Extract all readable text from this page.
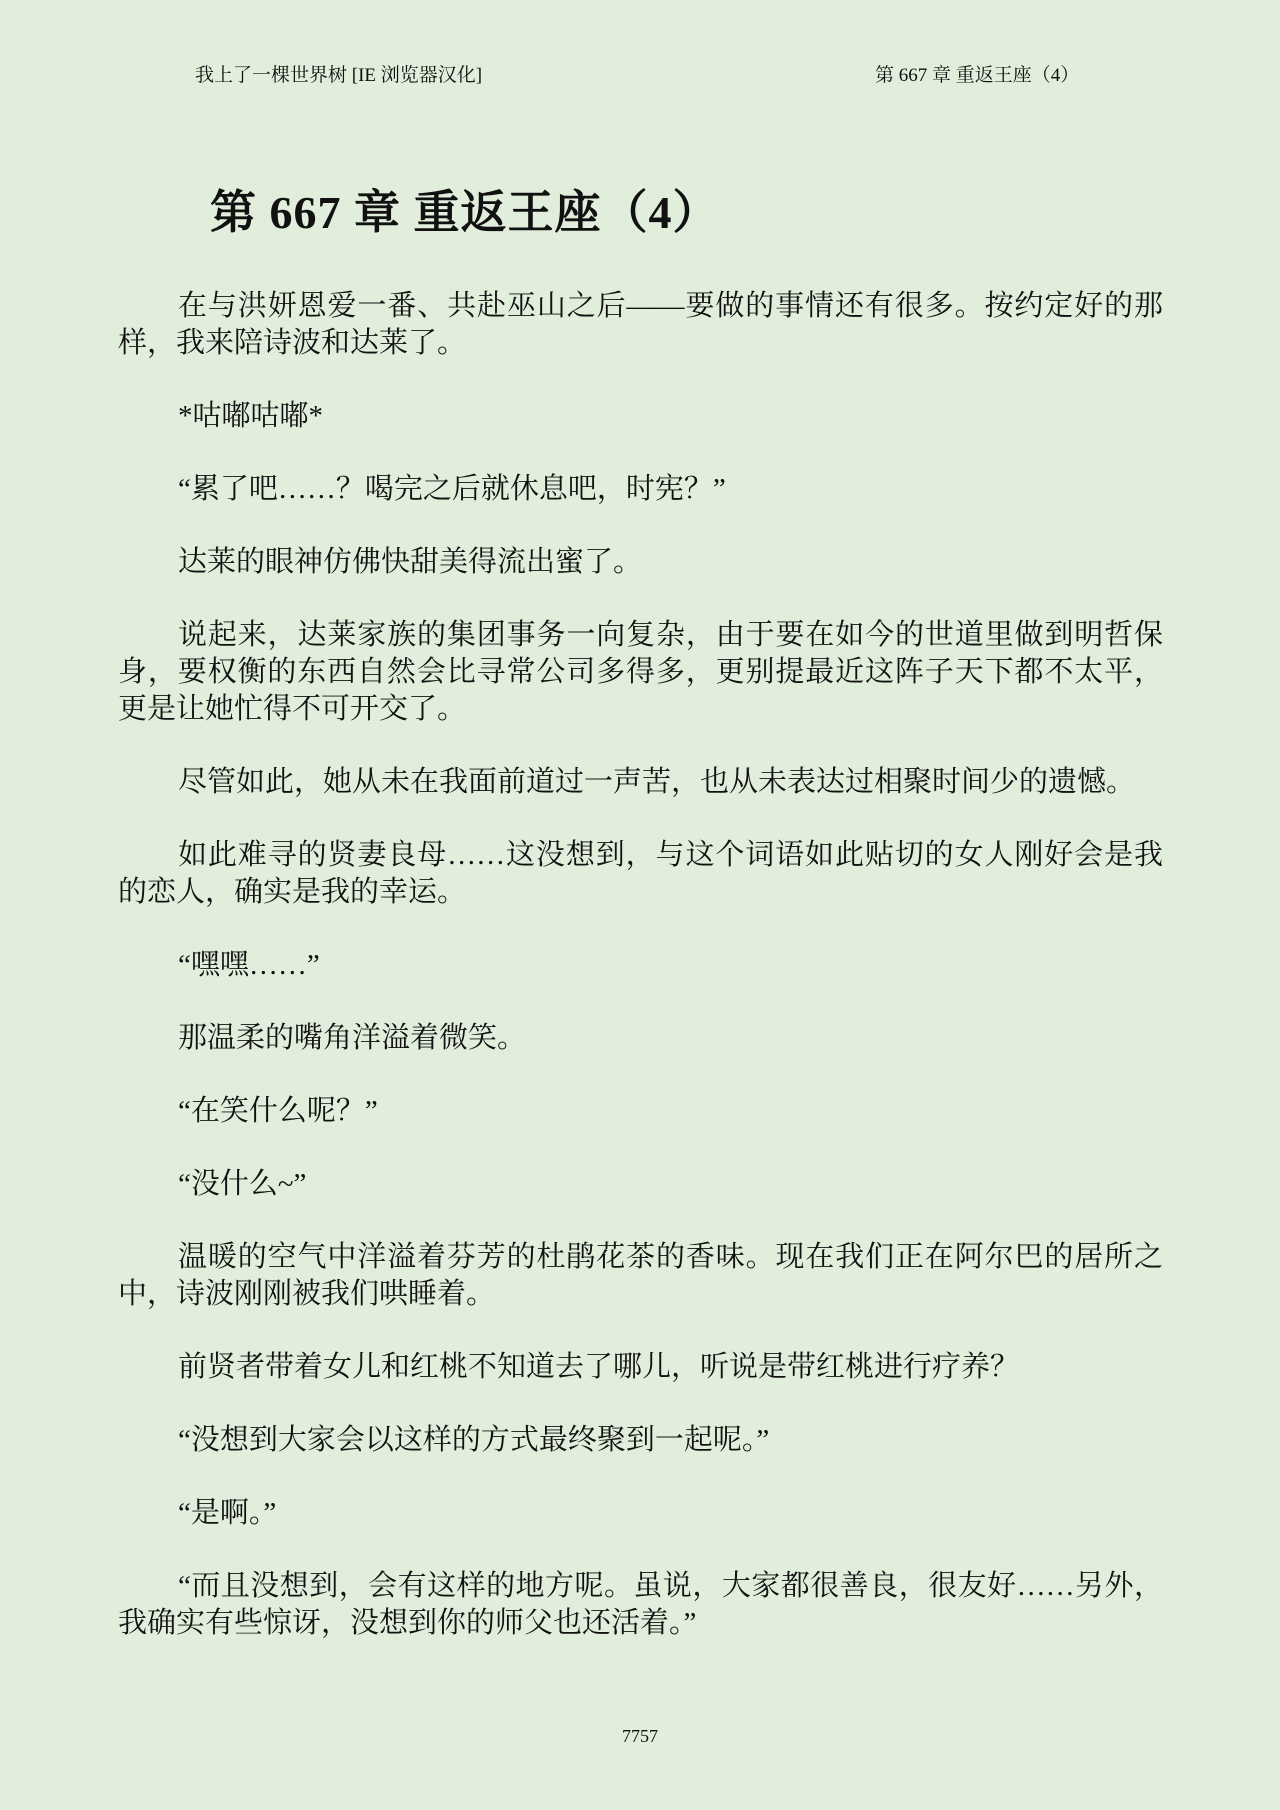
我上了一棵世界树 [IE 浏览器汉化]	第 667 章 重返王座（4）
第 667 章 重返王座（4）

在与洪妍恩爱一番、共赴巫山之后——要做的事情还有很多。按约定好的那
样，我来陪诗波和达莱了。

*咕嘟咕嘟*

“累了吧……？喝完之后就休息吧，时宪？”

达莱的眼神仿佛快甜美得流出蜜了。

说起来，达莱家族的集团事务一向复杂，由于要在如今的世道里做到明哲保
身，要权衡的东西自然会比寻常公司多得多，更别提最近这阵子天下都不太平，
更是让她忙得不可开交了。

尽管如此，她从未在我面前道过一声苦，也从未表达过相聚时间少的遗憾。

如此难寻的贤妻良母……这没想到，与这个词语如此贴切的女人刚好会是我
的恋人，确实是我的幸运。

“嘿嘿……”

那温柔的嘴角洋溢着微笑。

“在笑什么呢？”

“没什么~”

温暖的空气中洋溢着芬芳的杜鹃花茶的香味。现在我们正在阿尔巴的居所之
中，诗波刚刚被我们哄睡着。

前贤者带着女儿和红桃不知道去了哪儿，听说是带红桃进行疗养？

“没想到大家会以这样的方式最终聚到一起呢。”

“是啊。”

“而且没想到，会有这样的地方呢。虽说，大家都很善良，很友好……另外，
我确实有些惊讶，没想到你的师父也还活着。”

7757
